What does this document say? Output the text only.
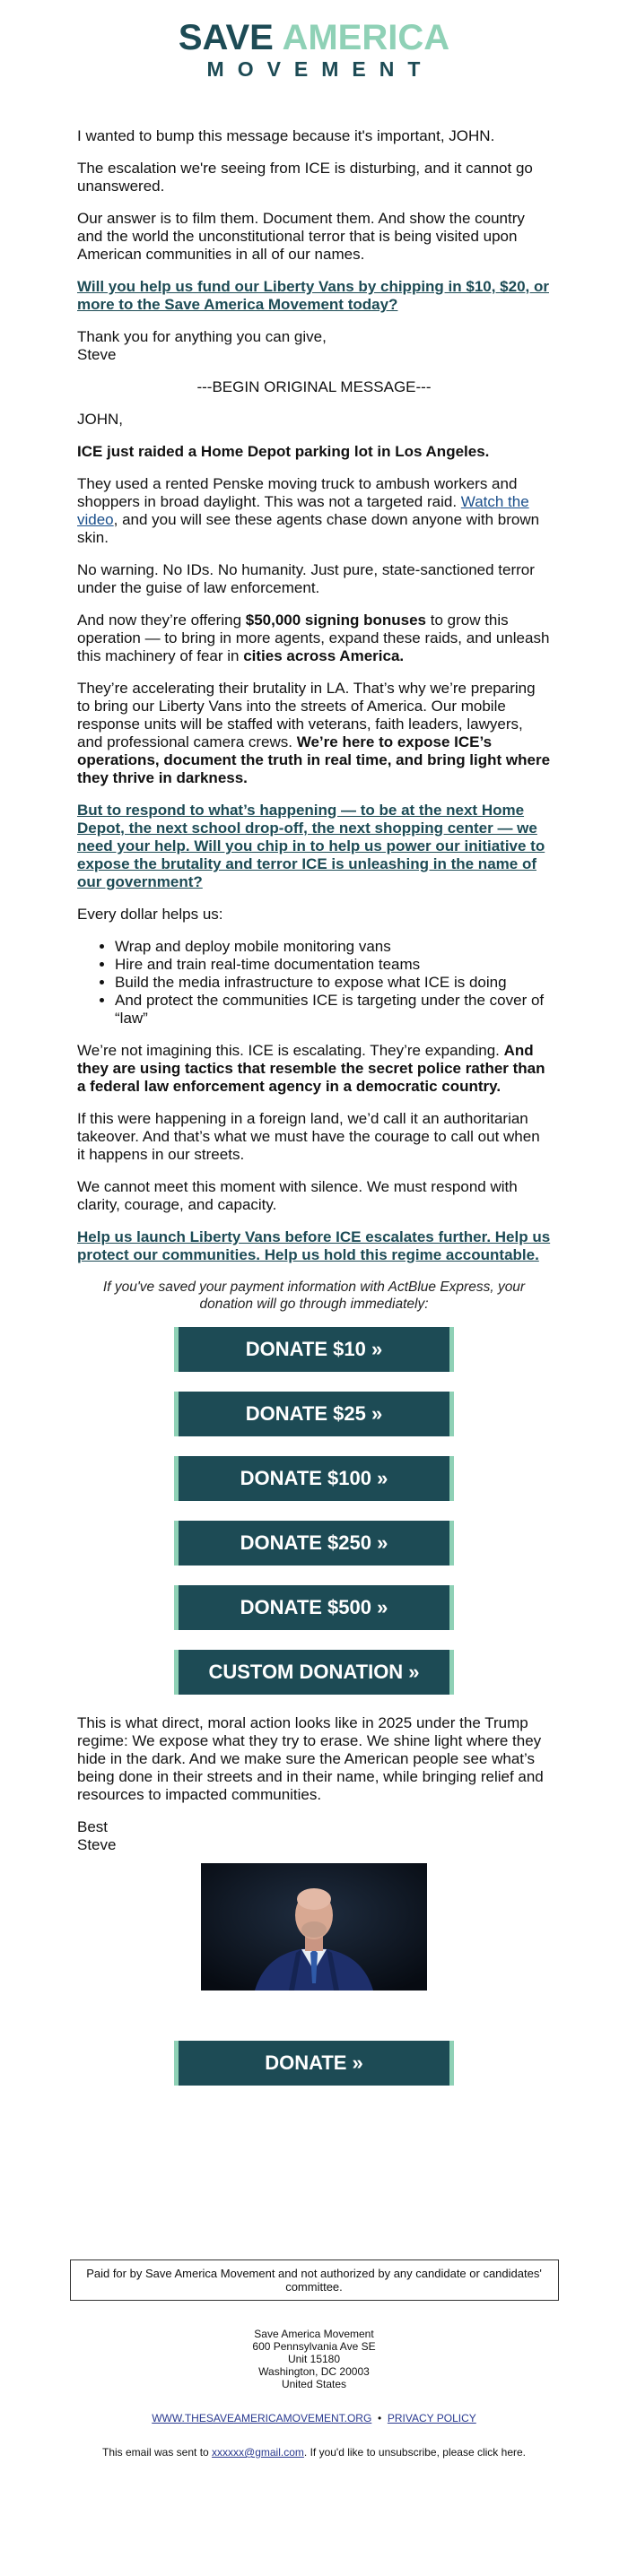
SAVE AMERICA
MOVEMENT

I wanted to bump this message because it's important, JOHN.

The escalation we're seeing from ICE is disturbing, and it cannot go unanswered.

Our answer is to film them. Document them. And show the country and the world the unconstitutional terror that is being visited upon American communities in all of our names.

Will you help us fund our Liberty Vans by chipping in $10, $20, or more to the Save America Movement today?

Thank you for anything you can give,
Steve

---BEGIN ORIGINAL MESSAGE---

JOHN,

ICE just raided a Home Depot parking lot in Los Angeles.

They used a rented Penske moving truck to ambush workers and shoppers in broad daylight. This was not a targeted raid. Watch the video, and you will see these agents chase down anyone with brown skin.

No warning. No IDs. No humanity. Just pure, state-sanctioned terror under the guise of law enforcement.

And now they’re offering $50,000 signing bonuses to grow this operation — to bring in more agents, expand these raids, and unleash this machinery of fear in cities across America.

They’re accelerating their brutality in LA. That’s why we’re preparing to bring our Liberty Vans into the streets of America. Our mobile response units will be staffed with veterans, faith leaders, lawyers, and professional camera crews. We’re here to expose ICE’s operations, document the truth in real time, and bring light where they thrive in darkness.

But to respond to what’s happening — to be at the next Home Depot, the next school drop-off, the next shopping center — we need your help. Will you chip in to help us power our initiative to expose the brutality and terror ICE is unleashing in the name of our government?

Every dollar helps us:

• Wrap and deploy mobile monitoring vans
• Hire and train real-time documentation teams
• Build the media infrastructure to expose what ICE is doing
• And protect the communities ICE is targeting under the cover of “law”

We’re not imagining this. ICE is escalating. They’re expanding. And they are using tactics that resemble the secret police rather than a federal law enforcement agency in a democratic country.

If this were happening in a foreign land, we’d call it an authoritarian takeover. And that’s what we must have the courage to call out when it happens in our streets.

We cannot meet this moment with silence. We must respond with clarity, courage, and capacity.

Help us launch Liberty Vans before ICE escalates further. Help us protect our communities. Help us hold this regime accountable.

If you've saved your payment information with ActBlue Express, your donation will go through immediately:

DONATE $10 »
DONATE $25 »
DONATE $100 »
DONATE $250 »
DONATE $500 »
CUSTOM DONATION »

This is what direct, moral action looks like in 2025 under the Trump regime: We expose what they try to erase. We shine light where they hide in the dark. And we make sure the American people see what’s being done in their streets and in their name, while bringing relief and resources to impacted communities.

Best
Steve

DONATE »
Paid for by Save America Movement and not authorized by any candidate or candidates' committee.
Save America Movement
600 Pennsylvania Ave SE
Unit 15180
Washington, DC 20003
United States
WWW.THESAVEAMERICAMOVEMENT.ORG • PRIVACY POLICY
This email was sent to xxxxxx@gmail.com. If you'd like to unsubscribe, please click here.
